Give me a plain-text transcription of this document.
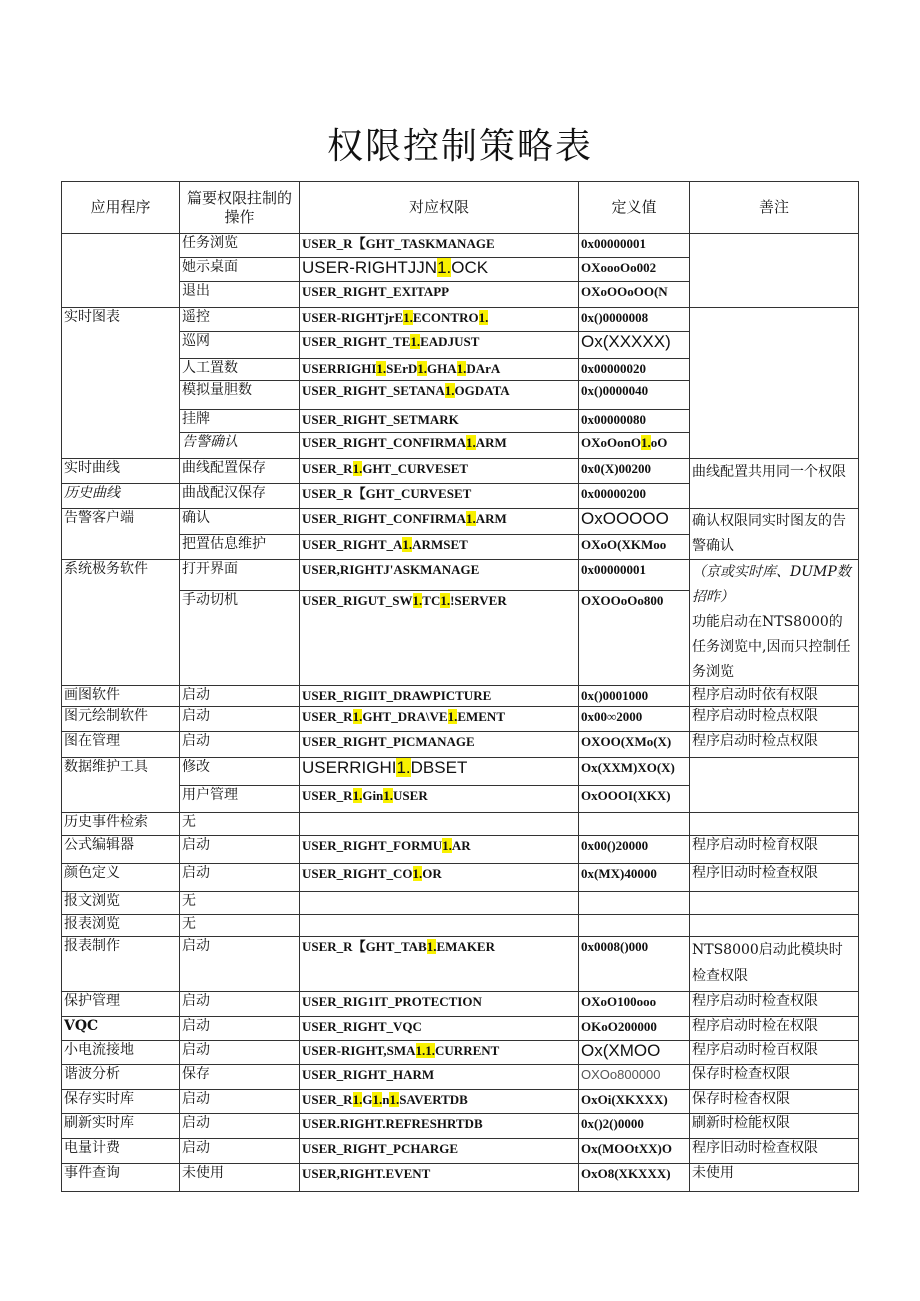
权限控制策略表
应用程序	篇要权限拄制的操作	对应权限	定义值	善注
	任务浏览	USER_R【GHT_TASKMANAGE	0x00000001	
	她示桌面	USER-RIGHTJJN1.OCK	OXoooOo002	
	退出	USER_RIGHT_EXITAPP	OXoOOoOO(N	
实时图表	遥控	USER-RIGHTjrE1.ECONTRO1.	0x()0000008	
	巡网	USER_RIGHT_TE1.EADJUST	Ox(XXXXX)	
	人工置数	USERRIGHI1.SErD1.GHA1.DArA	0x00000020	
	模拟量胆数	USER_RIGHT_SETANA1.OGDATA	0x()0000040	
	挂牌	USER_RIGHT_SETMARK	0x00000080	
	告警确认	USER_RIGHT_CONFIRMA1.ARM	OXoOonO1.oO	
实时曲线	曲线配置保存	USER_R1.GHT_CURVESET	0x0(X)00200	曲线配置共用同一个权限
历史曲线	曲战配汉保存	USER_R【GHT_CURVESET	0x00000200	
告警客户端	确认	USER_RIGHT_CONFIRMA1.ARM	OxOOOOO	确认权限同实时图友的告警确认
	把置估息维护	USER_RIGHT_A1.ARMSET	OXoO(XKMoo	
系统极务软件	打开界面	USER,RIGHTJ'ASKMANAGE	0x00000001	（京或实时库、DUMP数招昨）
功能启动在NTS8000的任务浏览中,因而只控制任务浏览

	手动切机	USER_RIGUT_SW1.TC1.!SERVER	OXOOoOo800	
画图软件	启动	USER_RIGIIT_DRAWPICTURE	0x()0001000	程序启动时依有权限
图元绘制软件	启动	USER_R1.GHT_DRA\VE1.EMENT	0x00∞2000	程序启动时检点权限
图在管理	启动	USER_RIGHT_PICMANAGE	OXOO(XMo(X)	程序启动时检点权限
数据维护工具	修改	USERRIGHI1.DBSET	Ox(XXM)XO(X)	
	用户管理	USER_R1.Gin1.USER	OxOOOI(XKX)	
历史事件检索	无			
公式编辑器	启动	USER_RIGHT_FORMU1.AR	0x00()20000	程序启动时检育权限
颜色定义	启动	USER_RIGHT_CO1.OR	0x(MX)40000	程序旧动时检查权限
报文浏览	无			
报表浏览	无			
报表制作	启动	USER_R【GHT_TAB1.EMAKER	0x0008()000	NTS8000启动此模块时检查权限
保护管理	启动	USER_RIG1IT_PROTECTION	OXoO100ooo	程序启动时检查权限
VQC	启动	USER_RIGHT_VQC	OKoO200000	程序启动时检在权限
小电流接地	启动	USER-RIGHT,SMA1.1.CURRENT	Ox(XMOO	程序启动时检百权限
谐波分析	保存	USER_RIGHT_HARM	OXOo800000	保存时检查权限
保存实时库	启动	USER_R1.G1.n1.SAVERTDB	OxOi(XKXXX)	保存时检杳权限
刷新实时库	启动	USER.RIGHT.REFRESHRTDB	0x()2()0000	刷新时检能权限
电量计费	启动	USER_RIGHT_PCHARGE	Ox(MOOtXX)O	程序旧动时检查权限
事件查询	未使用	USER,RIGHT.EVENT	OxO8(XKXXX)	未使用
